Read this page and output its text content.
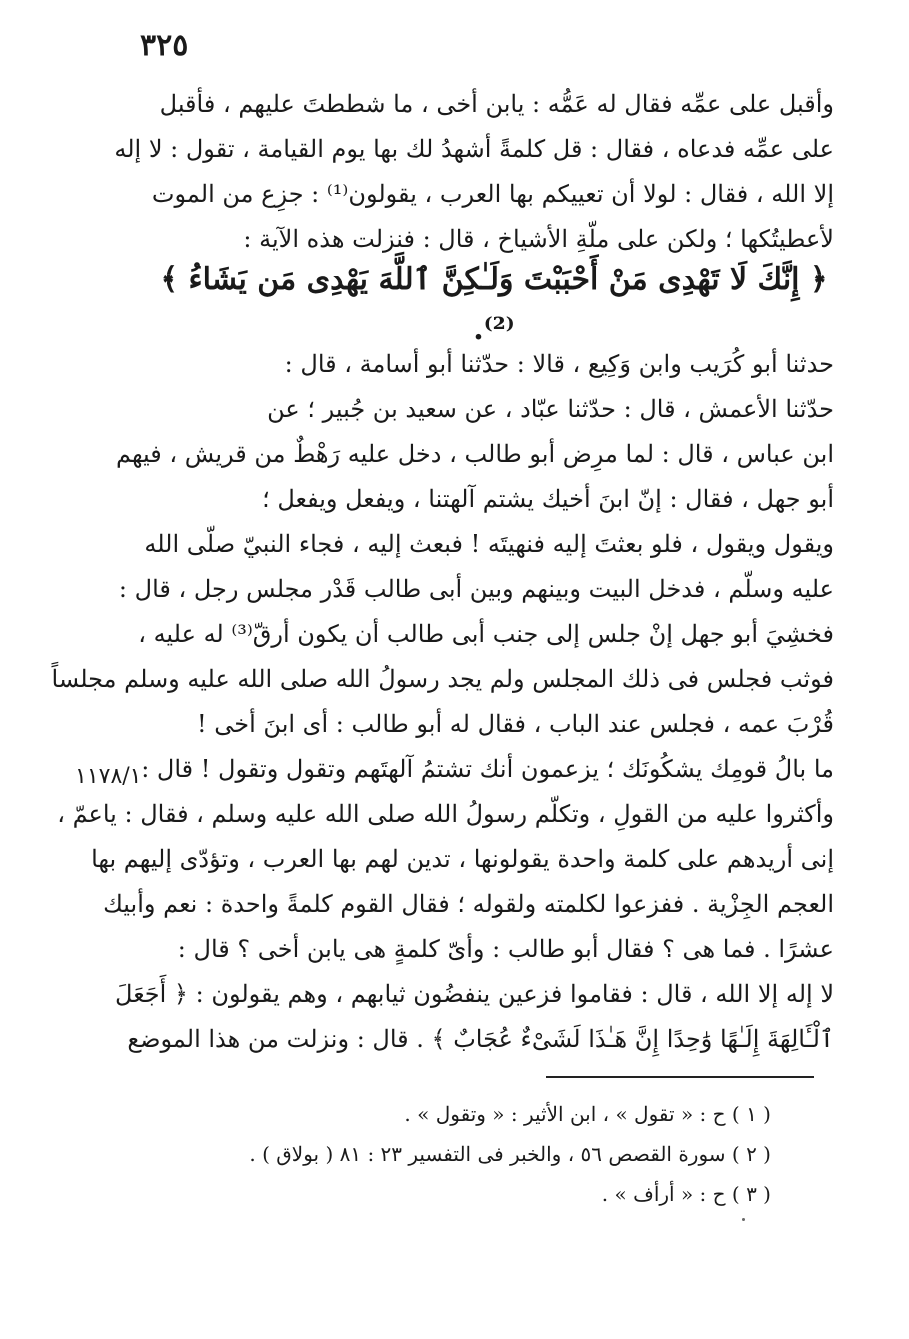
٣٢٥
وأقبل على عمِّه فقال له عَمُّه : يابن أخى ، ما شططتَ عليهم ، فأقبل
على عمِّه فدعاه ، فقال : قل كلمةً أشهدُ لك بها يوم القيامة ، تقول : لا إله
إلا الله ، فقال : لولا أن تعييكم بها العرب ، يقولون⁽¹⁾ : جزِع من الموت
لأعطيتُكها ؛ ولكن على ملّةِ الأشياخ ، قال : فنزلت هذه الآية :
﴿ إِنَّكَ لَا تَهْدِى مَنْ أَحْبَبْتَ وَلَـٰكِنَّ ٱللَّهَ يَهْدِى مَن يَشَاءُ ﴾⁽²⁾.
حدثنا أبو كُرَيب وابن وَكِيع ، قالا : حدّثنا أبو أسامة ، قال :
حدّثنا الأعمش ، قال : حدّثنا عبّاد ، عن سعيد بن جُبير ؛ عن
ابن عباس ، قال : لما مرِض أبو طالب ، دخل عليه رَهْطٌ من قريش ، فيهم
أبو جهل ، فقال : إنّ ابنَ أخيك يشتم آلهتنا ، ويفعل ويفعل ؛
ويقول ويقول ، فلو بعثتَ إليه فنهيتَه ! فبعث إليه ، فجاء النبيّ صلّى الله
عليه وسلّم ، فدخل البيت وبينهم وبين أبى طالب قَدْر مجلس رجل ، قال :
فخشِيَ أبو جهل إنْ جلس إلى جنب أبى طالب أن يكون أرقّ⁽³⁾ له عليه ،
فوثب فجلس فى ذلك المجلس ولم يجد رسولُ الله صلى الله عليه وسلم مجلساً
قُرْبَ عمه ، فجلس عند الباب ، فقال له أبو طالب : أى ابنَ أخى !
ما بالُ قومِك يشكُونَك ؛ يزعمون أنك تشتمُ آلهتَهم وتقول وتقول ! قال :
وأكثروا عليه من القولِ ، وتكلّم رسولُ الله صلى الله عليه وسلم ، فقال : ياعمّ ،
إنى أريدهم على كلمة واحدة يقولونها ، تدين لهم بها العرب ، وتؤدّى إليهم بها
العجم الجِزْية . ففزعوا لكلمته ولقوله ؛ فقال القوم كلمةً واحدة : نعم وأبيك
عشرًا . فما هى ؟ فقال أبو طالب : وأىّ كلمةٍ هى يابن أخى ؟ قال :
لا إله إلا الله ، قال : فقاموا فزعين ينفضُون ثيابهم ، وهم يقولون : ﴿ أَجَعَلَ
ٱلْـَٔالِهَةَ إِلَـٰهًا وَٰحِدًا إِنَّ هَـٰذَا لَشَىْءٌ عُجَابٌ ﴾ . قال : ونزلت من هذا الموضع
١١٧٨/١
( ١ ) ح : « تقول » ، ابن الأثير : « وتقول » .
( ٢ ) سورة القصص ٥٦ ، والخبر فى التفسير ٢٣ : ٨١ ( بولاق ) .
( ٣ ) ح : « أرأف » .
